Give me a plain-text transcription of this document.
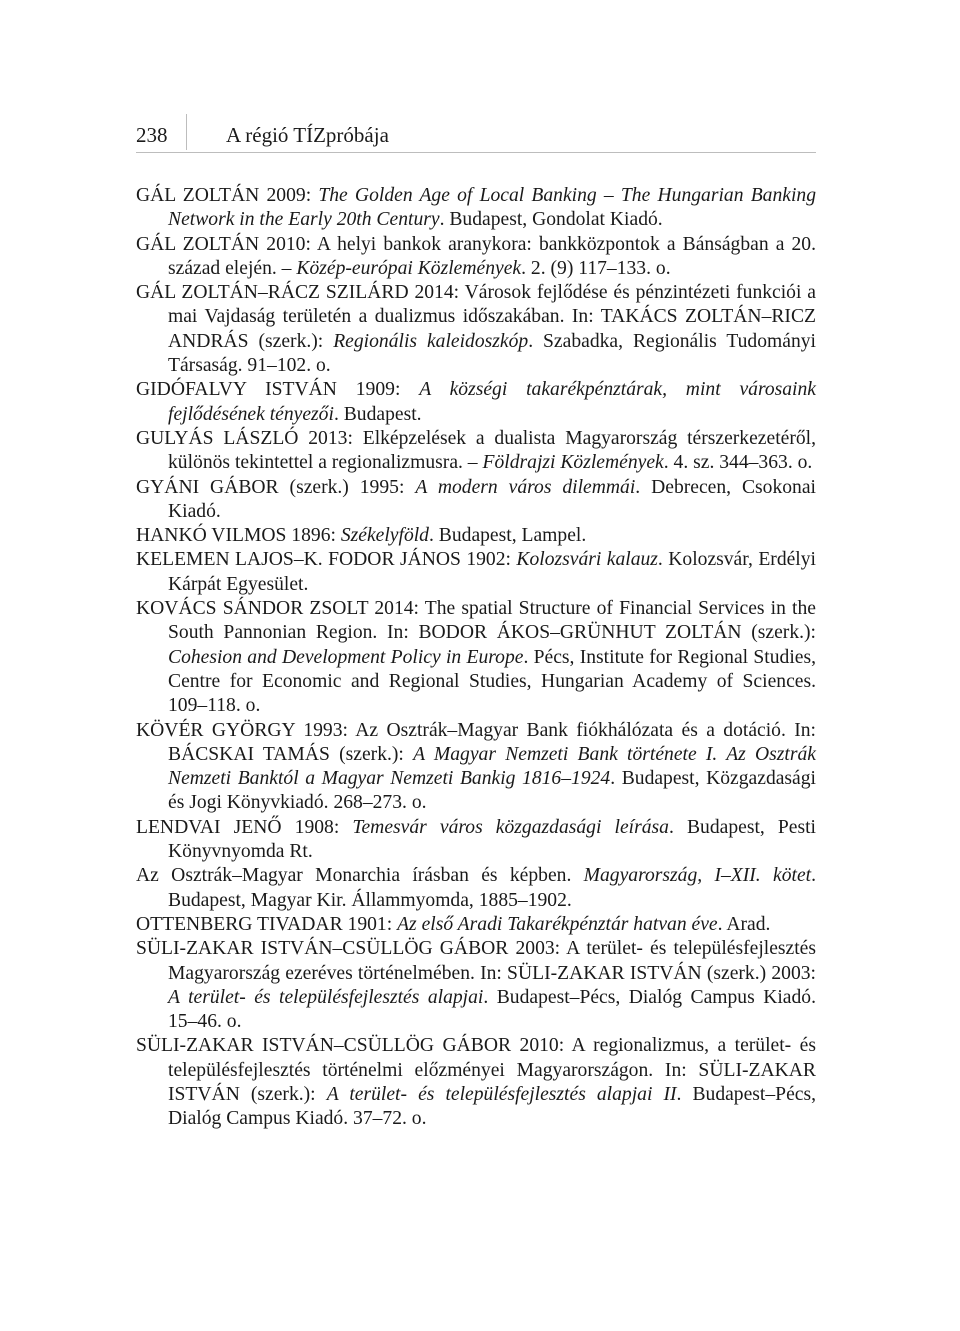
238	A régió TÍZpróbája

GÁL ZOLTÁN 2009: The Golden Age of Local Banking – The Hungarian Banking Network in the Early 20th Century. Budapest, Gondolat Kiadó.

GÁL ZOLTÁN 2010: A helyi bankok aranykora: bankközpontok a Bánságban a 20. század elején. – Közép-európai Közlemények. 2. (9) 117–133. o.

GÁL ZOLTÁN–RÁCZ SZILÁRD 2014: Városok fejlődése és pénzintézeti funkciói a mai Vajdaság területén a dualizmus időszakában. In: TAKÁCS ZOLTÁN–RICZ ANDRÁS (szerk.): Regionális kaleidoszkóp. Szabadka, Regionális Tudományi Társaság. 91–102. o.

GIDÓFALVY ISTVÁN 1909: A községi takarékpénztárak, mint városaink fejlődésének tényezői. Budapest.

GULYÁS LÁSZLÓ 2013: Elképzelések a dualista Magyarország térszerkezetéről, különös tekintettel a regionalizmusra. – Földrajzi Közlemények. 4. sz. 344–363. o.

GYÁNI GÁBOR (szerk.) 1995: A modern város dilemmái. Debrecen, Csokonai Kiadó.

HANKÓ VILMOS 1896: Székelyföld. Budapest, Lampel.

KELEMEN LAJOS–K. FODOR JÁNOS 1902: Kolozsvári kalauz. Kolozsvár, Erdélyi Kárpát Egyesület.

KOVÁCS SÁNDOR ZSOLT 2014: The spatial Structure of Financial Services in the South Pannonian Region. In: BODOR ÁKOS–GRÜNHUT ZOLTÁN (szerk.): Cohesion and Development Policy in Europe. Pécs, Institute for Regional Studies, Centre for Economic and Regional Studies, Hungarian Academy of Sciences. 109–118. o.

KÖVÉR GYÖRGY 1993: Az Osztrák–Magyar Bank fiókhálózata és a dotáció. In: BÁCSKAI TAMÁS (szerk.): A Magyar Nemzeti Bank története I. Az Osztrák Nemzeti Banktól a Magyar Nemzeti Bankig 1816–1924. Budapest, Közgazdasági és Jogi Könyvkiadó. 268–273. o.

LENDVAI JENŐ 1908: Temesvár város közgazdasági leírása. Budapest, Pesti Könyvnyomda Rt.

Az Osztrák–Magyar Monarchia írásban és képben. Magyarország, I–XII. kötet. Budapest, Magyar Kir. Állammyomda, 1885–1902.

OTTENBERG TIVADAR 1901: Az első Aradi Takarékpénztár hatvan éve. Arad.

SÜLI-ZAKAR ISTVÁN–CSÜLLÖG GÁBOR 2003: A terület- és településfejlesztés Magyarország ezeréves történelmében. In: SÜLI-ZAKAR ISTVÁN (szerk.) 2003: A terület- és településfejlesztés alapjai. Budapest–Pécs, Dialóg Campus Kiadó. 15–46. o.

SÜLI-ZAKAR ISTVÁN–CSÜLLÖG GÁBOR 2010: A regionalizmus, a terület- és településfejlesztés történelmi előzményei Magyarországon. In: SÜLI-ZAKAR ISTVÁN (szerk.): A terület- és településfejlesztés alapjai II. Budapest–Pécs, Dialóg Campus Kiadó. 37–72. o.
